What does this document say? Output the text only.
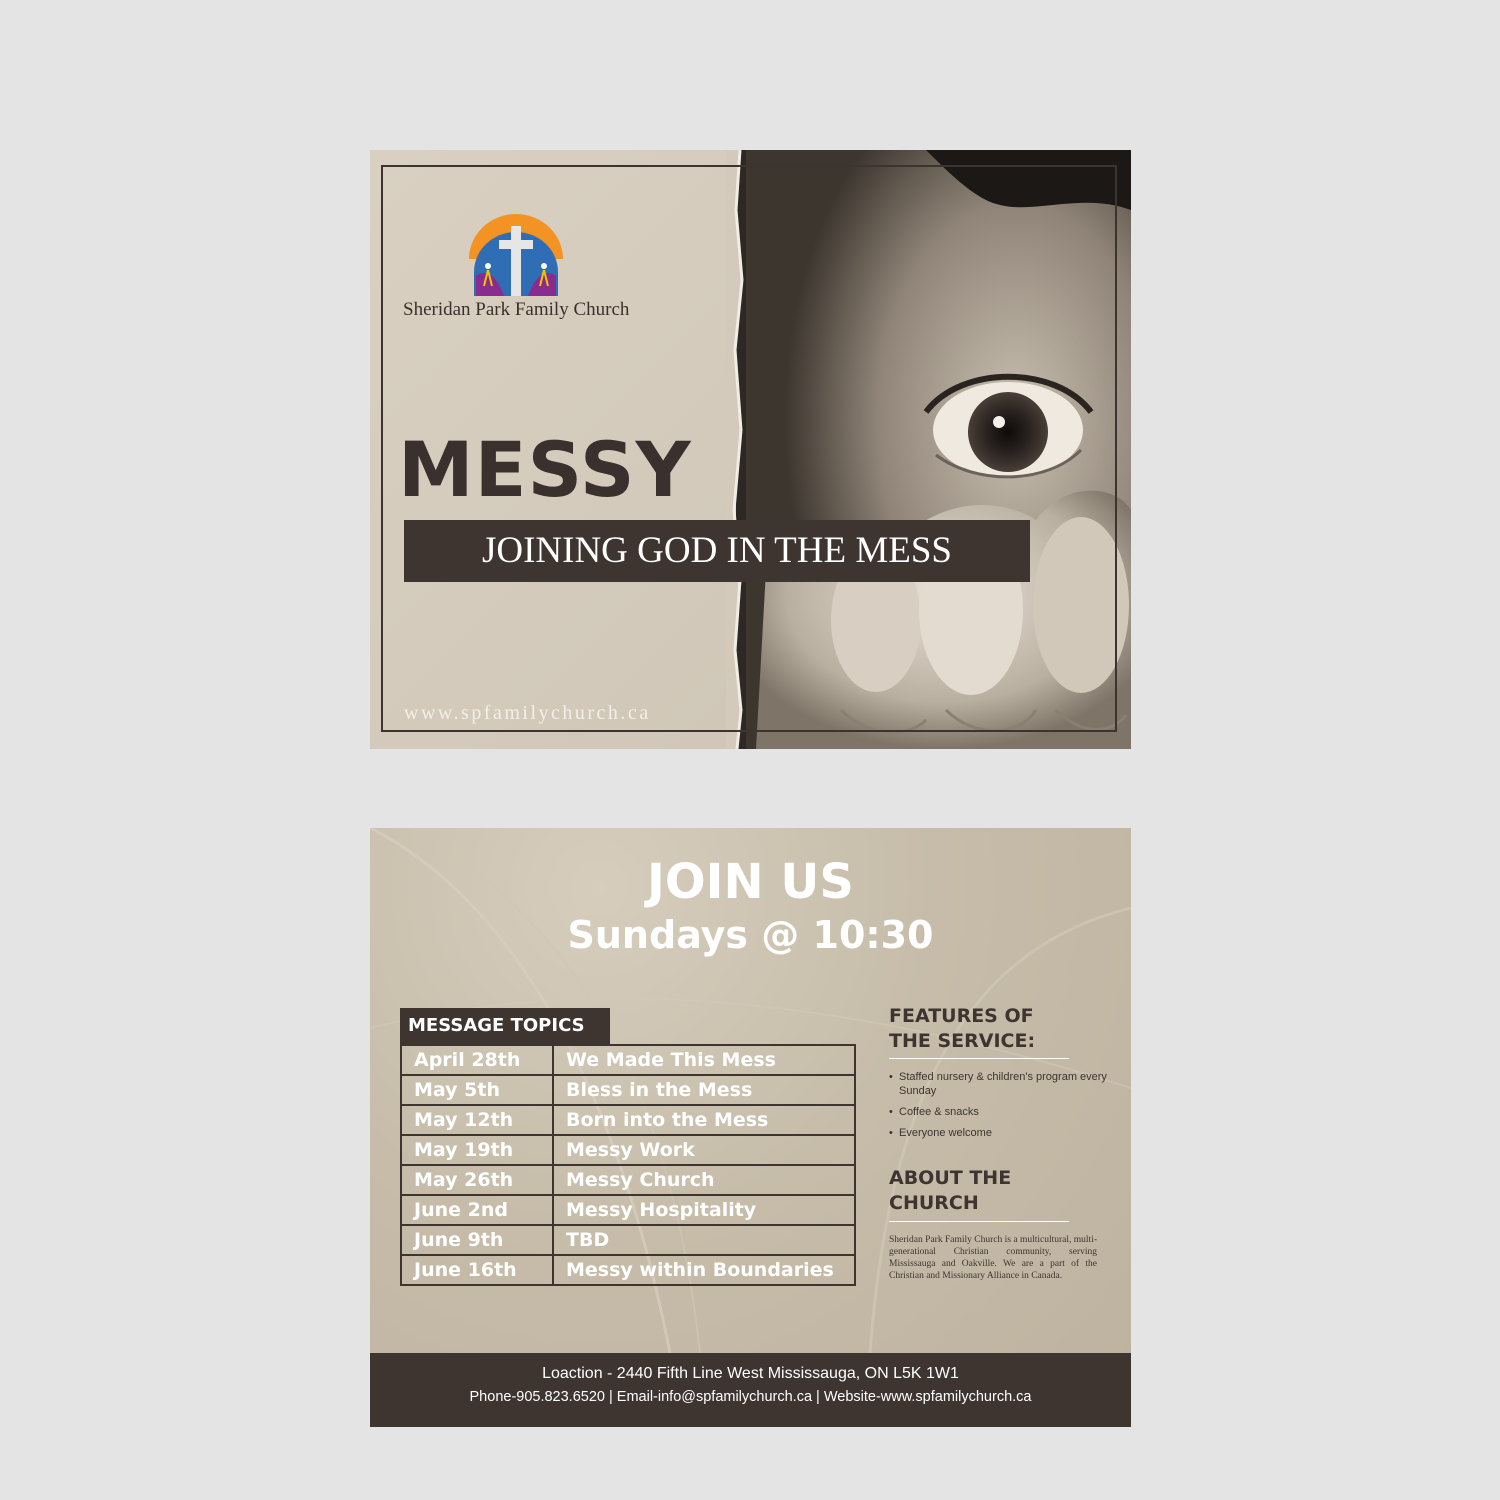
Sheridan Park Family Church
MESSY
JOINING GOD IN THE MESS
www.spfamilychurch.ca
JOIN US
Sundays @ 10:30
MESSAGE TOPICS
April 28th	We Made This Mess
May 5th	Bless in the Mess
May 12th	Born into the Mess
May 19th	Messy Work
May 26th	Messy Church
June 2nd	Messy Hospitality
June 9th	TBD
June 16th	Messy within Boundaries
FEATURES OF
THE SERVICE:
• Staffed nursery & children's program every Sunday
• Coffee & snacks
• Everyone welcome
ABOUT THE
CHURCH
Sheridan Park Family Church is a multicultural, multi-generational Christian community, serving Mississauga and Oakville. We are a part of the Christian and Missionary Alliance in Canada.
Loaction - 2440 Fifth Line West Mississauga, ON L5K 1W1
Phone-905.823.6520 | Email-info@spfamilychurch.ca | Website-www.spfamilychurch.ca
